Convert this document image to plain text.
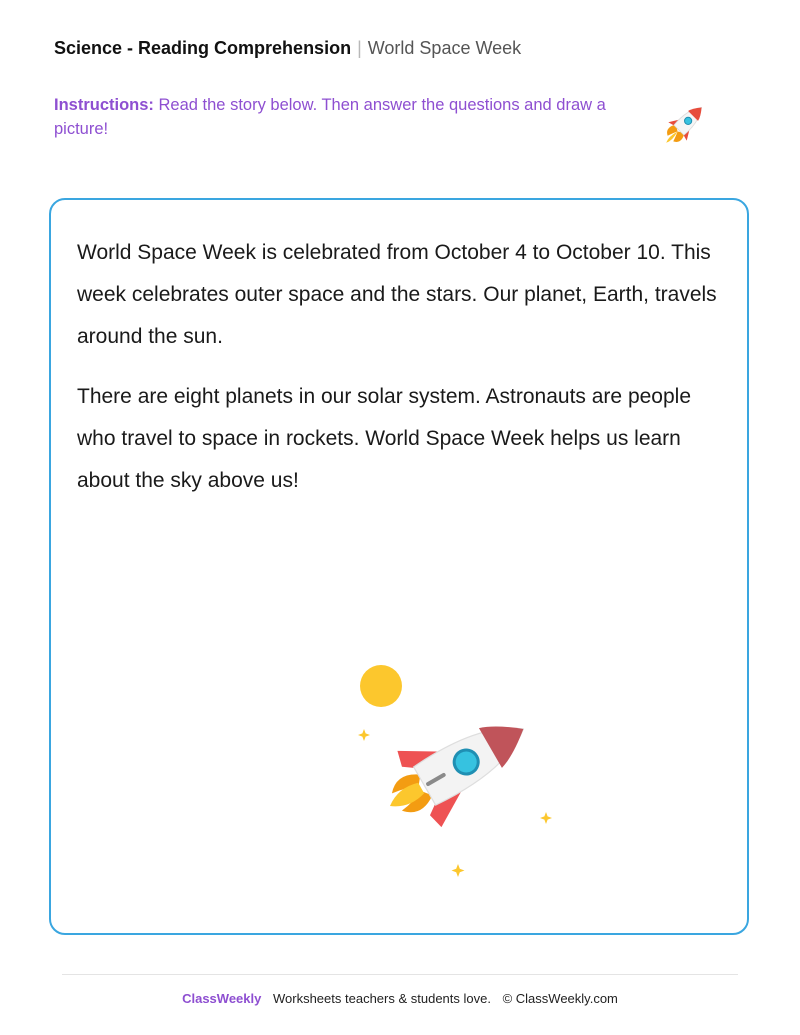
Science - Reading Comprehension | World Space Week
Instructions: Read the story below. Then answer the questions and draw a picture!

World Space Week is celebrated from October 4 to October 10. This week celebrates outer space and the stars. Our planet, Earth, travels around the sun.

There are eight planets in our solar system. Astronauts are people who travel to space in rockets. World Space Week helps us learn about the sky above us!

ClassWeekly Worksheets teachers & students love. © ClassWeekly.com
